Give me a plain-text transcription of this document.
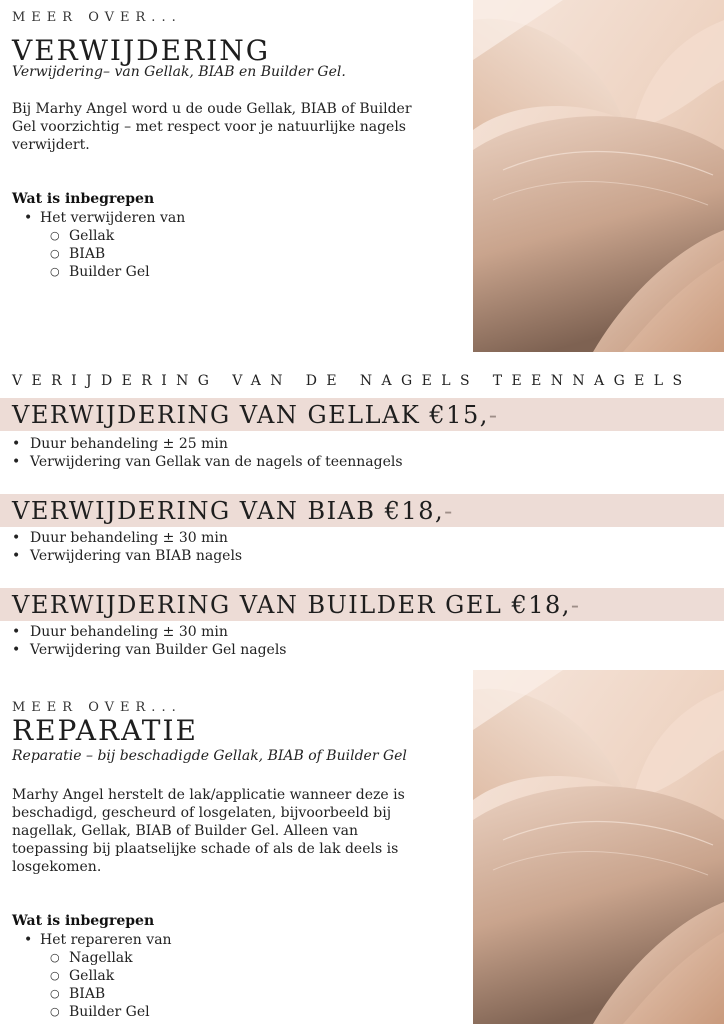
MEER OVER...
VERWIJDERING
Verwijdering– van Gellak, BIAB en Builder Gel.
Bij Marhy Angel word u de oude Gellak, BIAB of Builder
Gel voorzichtig – met respect voor je natuurlijke nagels
verwijdert.
Wat is inbegrepen
• Het verwijderen van
○ Gellak
○ BIAB
○ Builder Gel
VERIJDERING VAN DE NAGELS TEENNAGELS
VERWIJDERING VAN GELLAK €15,-
• Duur behandeling ± 25 min
• Verwijdering van Gellak van de nagels of teennagels
VERWIJDERING VAN BIAB €18,-
• Duur behandeling ± 30 min
• Verwijdering van BIAB nagels
VERWIJDERING VAN BUILDER GEL €18,-
• Duur behandeling ± 30 min
• Verwijdering van Builder Gel nagels
MEER OVER...
REPARATIE
Reparatie – bij beschadigde Gellak, BIAB of Builder Gel
Marhy Angel herstelt de lak/applicatie wanneer deze is
beschadigd, gescheurd of losgelaten, bijvoorbeeld bij
nagellak, Gellak, BIAB of Builder Gel. Alleen van
toepassing bij plaatselijke schade of als de lak deels is
losgekomen.
Wat is inbegrepen
• Het repareren van
○ Nagellak
○ Gellak
○ BIAB
○ Builder Gel
